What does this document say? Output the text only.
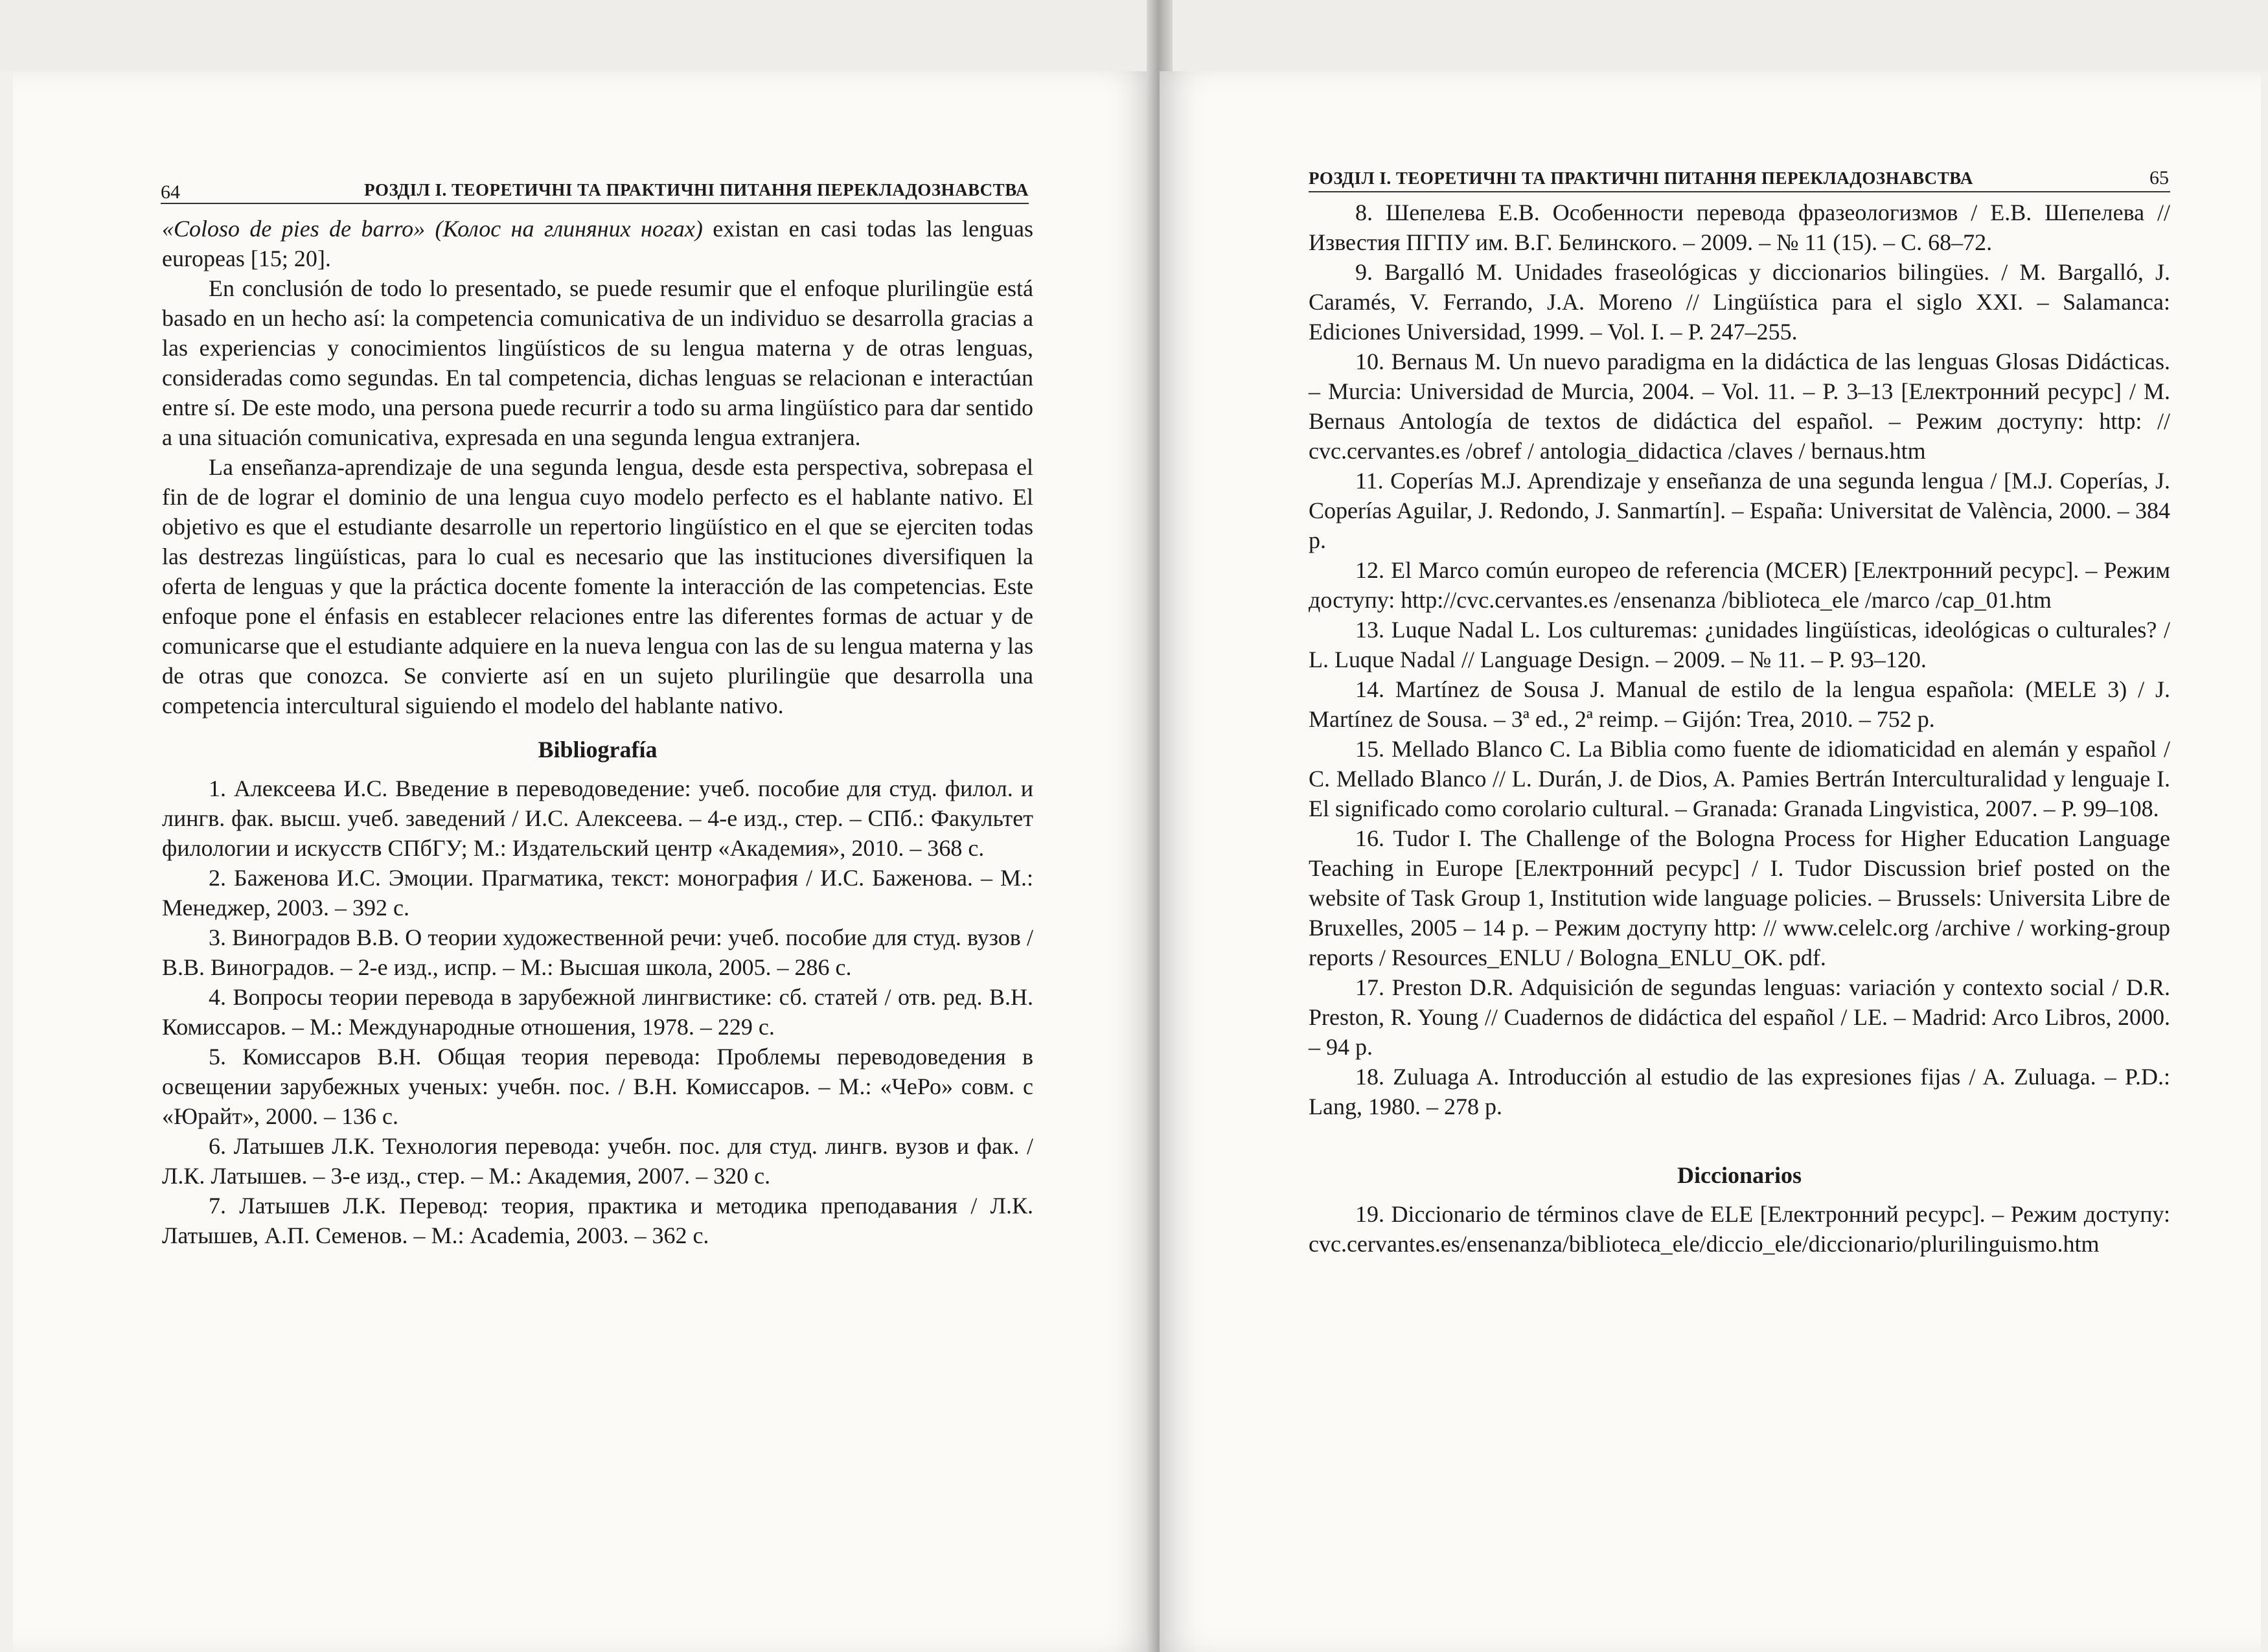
64	РОЗДІЛ І. ТЕОРЕТИЧНІ ТА ПРАКТИЧНІ ПИТАННЯ ПЕРЕКЛАДОЗНАВСТВА

«Coloso de pies de barro» (Колос на глиняних ногах) existan en casi todas las lenguas europeas [15; 20].

En conclusión de todo lo presentado, se puede resumir que el enfoque plurilingüe está basado en un hecho así: la competencia comunicativa de un individuo se desarrolla gracias a las experiencias y conocimientos lingüísticos de su lengua materna y de otras lenguas, consideradas como segundas. En tal competencia, dichas lenguas se relacionan e interactúan entre sí. De este modo, una persona puede recurrir a todo su arma lingüístico para dar sentido a una situación comunicativa, expresada en una segunda lengua extranjera.

La enseñanza-aprendizaje de una segunda lengua, desde esta perspectiva, sobrepasa el fin de de lograr el dominio de una lengua cuyo modelo perfecto es el hablante nativo. El objetivo es que el estudiante desarrolle un repertorio lingüístico en el que se ejerciten todas las destrezas lingüísticas, para lo cual es necesario que las instituciones diversifiquen la oferta de lenguas y que la práctica docente fomente la interacción de las competencias. Este enfoque pone el énfasis en establecer relaciones entre las diferentes formas de actuar y de comunicarse que el estudiante adquiere en la nueva lengua con las de su lengua materna y las de otras que conozca. Se convierte así en un sujeto plurilingüe que desarrolla una competencia intercultural siguiendo el modelo del hablante nativo.

Bibliografía

1. Алексеева И.С. Введение в переводоведение: учеб. пособие для студ. филол. и лингв. фак. высш. учеб. заведений / И.С. Алексеева. – 4-е изд., стер. – СПб.: Факультет филологии и искусств СПбГУ; М.: Издательский центр «Академия», 2010. – 368 с.

2. Баженова И.С. Эмоции. Прагматика, текст: монография / И.С. Баженова. – М.: Менеджер, 2003. – 392 с.

3. Виноградов В.В. О теории художественной речи: учеб. пособие для студ. вузов / В.В. Виноградов. – 2-е изд., испр. – М.: Высшая школа, 2005. – 286 с.

4. Вопросы теории перевода в зарубежной лингвистике: сб. статей / отв. ред. В.Н. Комиссаров. – М.: Международные отношения, 1978. – 229 с.

5. Комиссаров В.Н. Общая теория перевода: Проблемы переводоведения в освещении зарубежных ученых: учебн. пос. / В.Н. Комиссаров. – М.: «ЧеРо» совм. с «Юрайт», 2000. – 136 с.

6. Латышев Л.К. Технология перевода: учебн. пос. для студ. лингв. вузов и фак. / Л.К. Латышев. – 3-е изд., стер. – М.: Академия, 2007. – 320 с.

7. Латышев Л.К. Перевод: теория, практика и методика преподавания / Л.К. Латышев, А.П. Семенов. – М.: Academia, 2003. – 362 с.

РОЗДІЛ І. ТЕОРЕТИЧНІ ТА ПРАКТИЧНІ ПИТАННЯ ПЕРЕКЛАДОЗНАВСТВА	65

8. Шепелева Е.В. Особенности перевода фразеологизмов / Е.В. Шепелева // Известия ПГПУ им. В.Г. Белинского. – 2009. – № 11 (15). – С. 68–72.

9. Bargalló M. Unidades fraseológicas y diccionarios bilingües. / M. Bargalló, J. Caramés, V. Ferrando, J.A. Moreno // Lingüística para el siglo XXI. – Salamanca: Ediciones Universidad, 1999. – Vol. I. – P. 247–255.

10. Bernaus M. Un nuevo paradigma en la didáctica de las lenguas Glosas Didácticas. – Murcia: Universidad de Murcia, 2004. – Vol. 11. – P. 3–13 [Електронний ресурс] / M. Bernaus Antología de textos de didáctica del español. – Режим доступу: http: // cvc.cervantes.es /obref / antologia_didactica /claves / bernaus.htm

11. Coperías M.J. Aprendizaje y enseñanza de una segunda lengua / [M.J. Coperías, J. Coperías Aguilar, J. Redondo, J. Sanmartín]. – España: Universitat de València, 2000. – 384 p.

12. El Marco común europeo de referencia (MCER) [Електронний ресурс]. – Режим доступу: http://cvc.cervantes.es /ensenanza /biblioteca_ele /marco /cap_01.htm

13. Luque Nadal L. Los culturemas: ¿unidades lingüísticas, ideológicas o culturales? / L. Luque Nadal // Language Design. – 2009. – № 11. – P. 93–120.

14. Martínez de Sousa J. Manual de estilo de la lengua española: (MELE 3) / J. Martínez de Sousa. – 3ª ed., 2ª reimp. – Gijón: Trea, 2010. – 752 p.

15. Mellado Blanco C. La Biblia como fuente de idiomaticidad en alemán y español / C. Mellado Blanco // L. Durán, J. de Dios, A. Pamies Bertrán Interculturalidad y lenguaje I. El significado como corolario cultural. – Granada: Granada Lingvistica, 2007. – P. 99–108.

16. Tudor I. The Challenge of the Bologna Process for Higher Education Language Teaching in Europe [Електронний ресурс] / I. Tudor Discussion brief posted on the website of Task Group 1, Institution wide language policies. – Brussels: Universita Libre de Bruxelles, 2005 – 14 p. – Режим доступу http: // www.celelc.org /archive / working-group reports / Resources_ENLU / Bologna_ENLU_OK. pdf.

17. Preston D.R. Adquisición de segundas lenguas: variación y contexto social / D.R. Preston, R. Young // Cuadernos de didáctica del español / LE. – Madrid: Arco Libros, 2000. – 94 p.

18. Zuluaga A. Introducción al estudio de las expresiones fijas / A. Zuluaga. – P.D.: Lang, 1980. – 278 p.

Diccionarios

19. Diccionario de términos clave de ELE [Електронний ресурс]. – Режим доступу: cvc.cervantes.es/ensenanza/biblioteca_ele/diccio_ele/diccionario/plurilinguismo.htm
